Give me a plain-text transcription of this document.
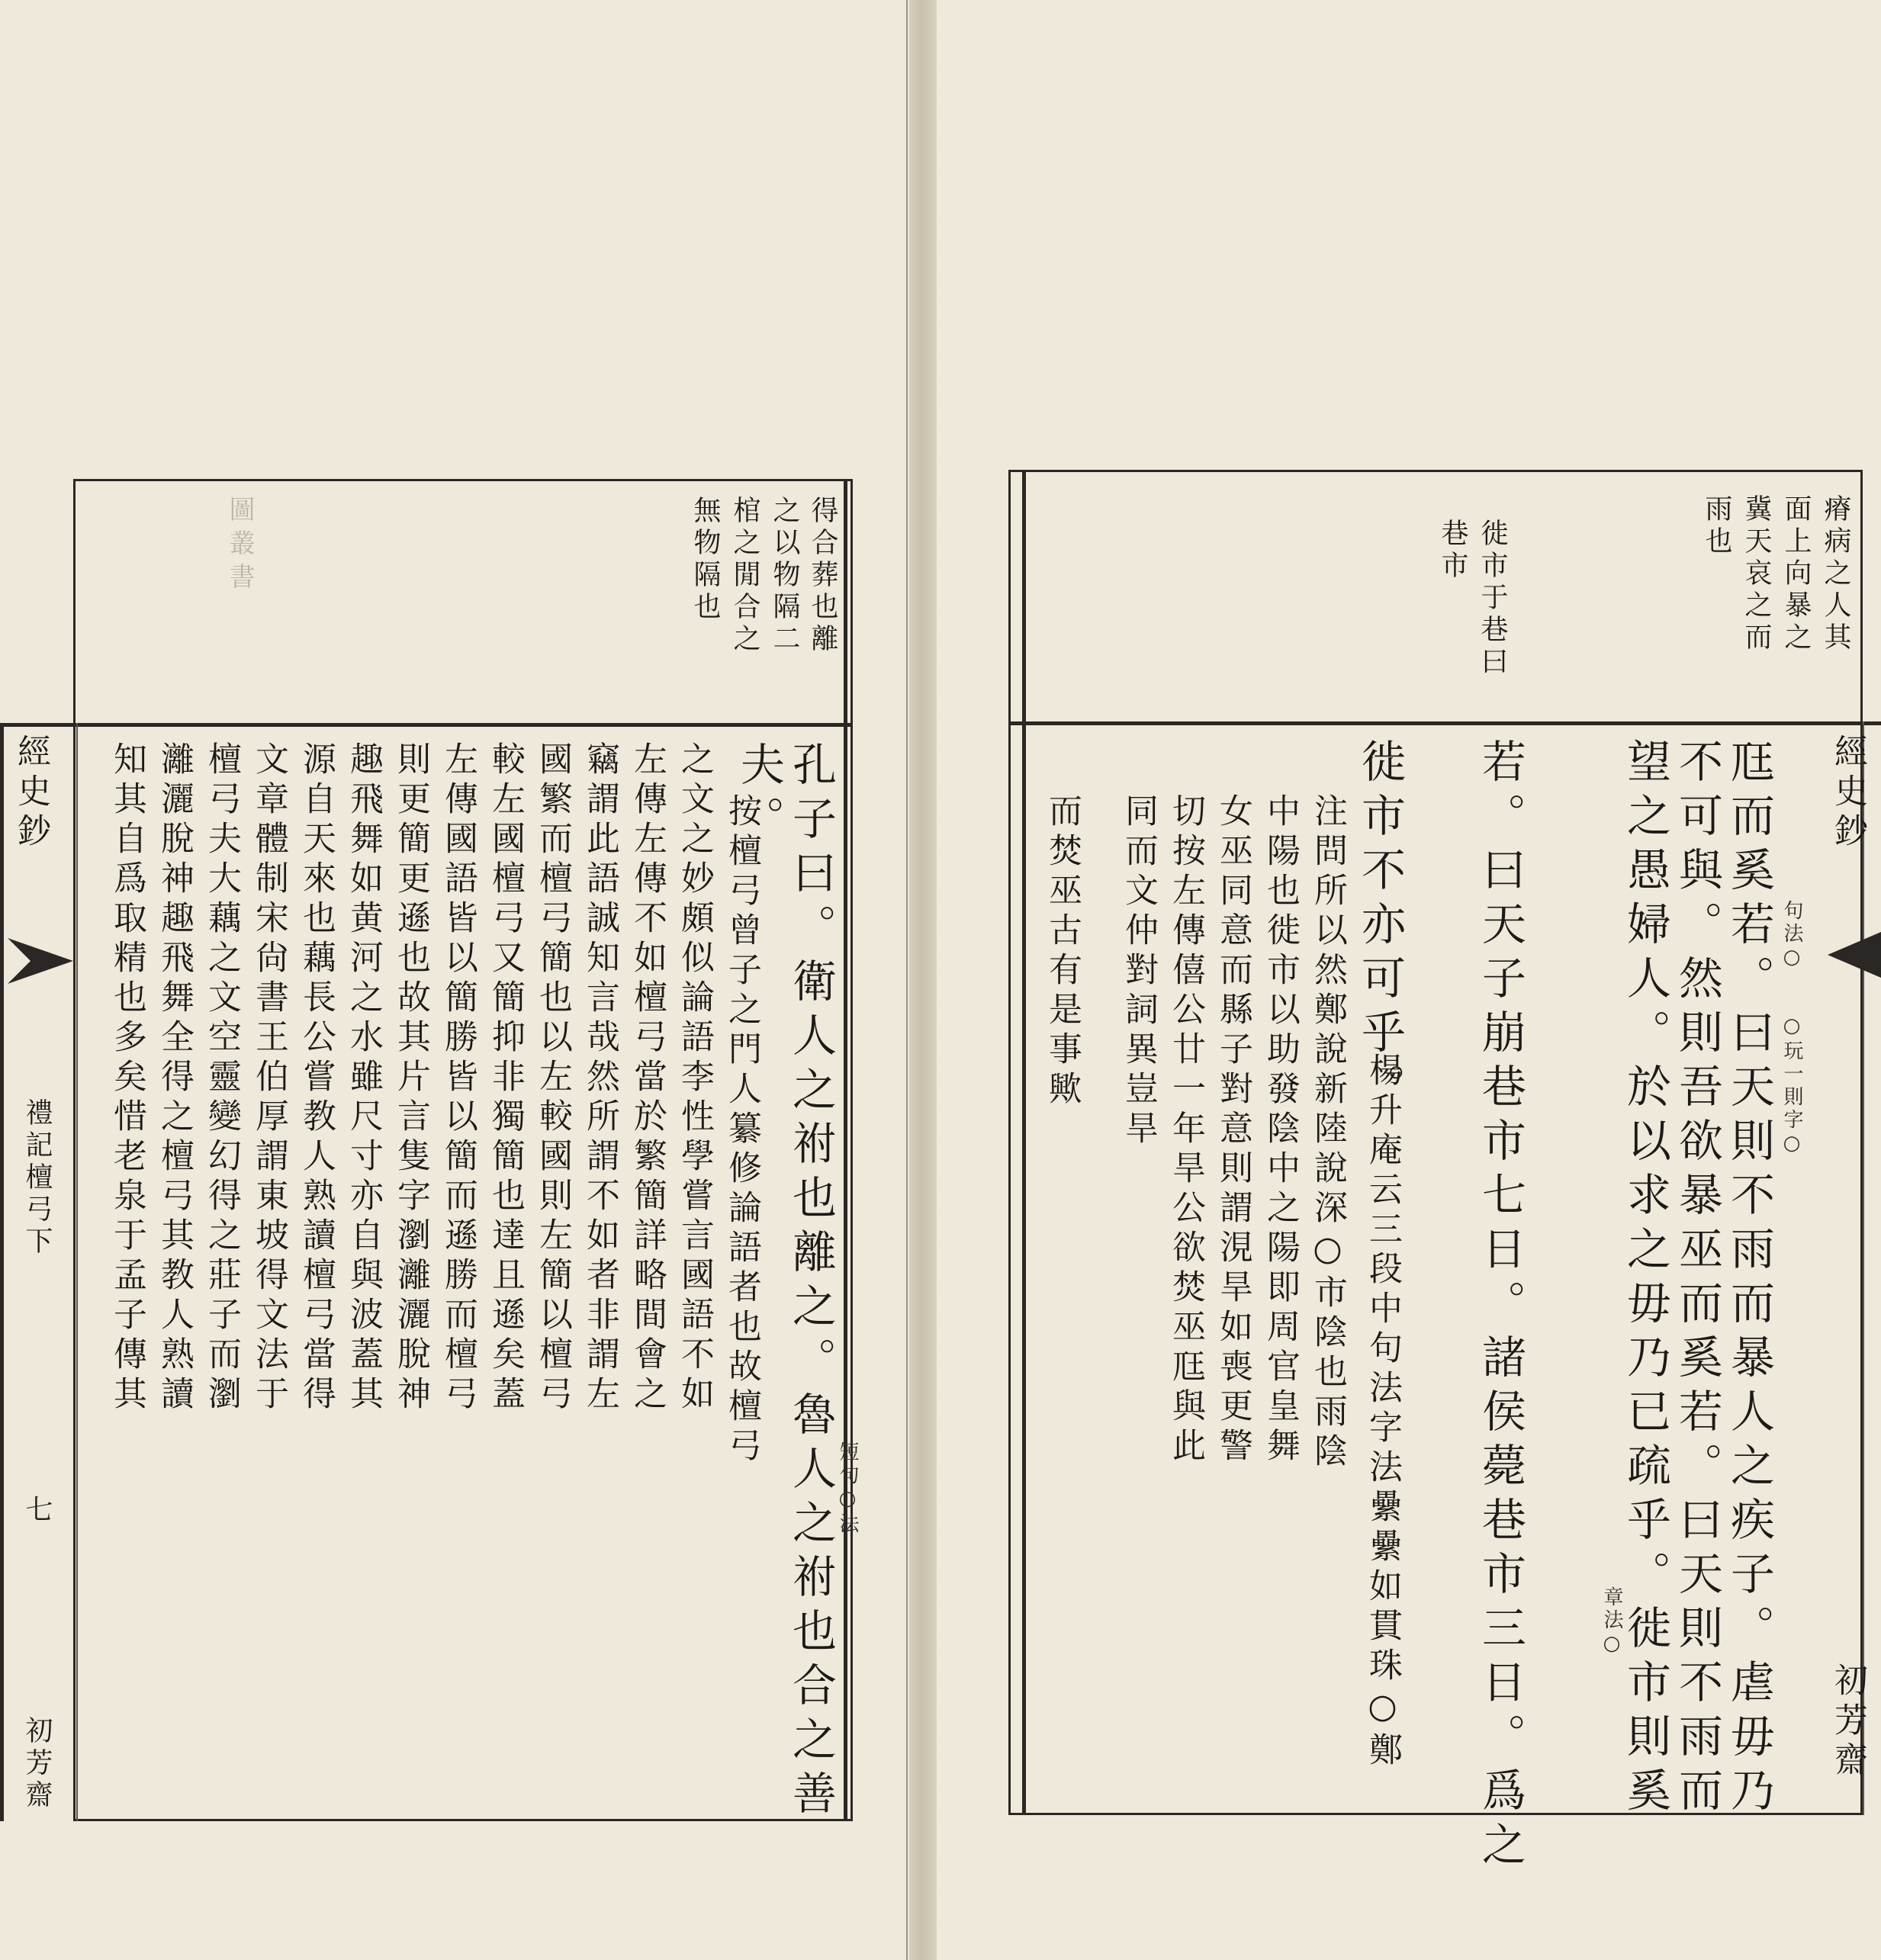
圖叢書	得合葬也離
之以物隔二
棺之閒合之
無物隔也
孔子曰。衛人之祔也離之。魯人之祔也合之善
夫。
短句○法
按檀弓曾子之門人纂修論語者也故檀弓
之文之妙頗似論語李性學嘗言國語不如
左傳左傳不如檀弓當於繁簡詳略間會之
竊謂此語誠知言哉然所謂不如者非謂左
國繁而檀弓簡也以左較國則左簡以檀弓
較左國檀弓又簡抑非獨簡也達且遜矣蓋
左傳國語皆以簡勝皆以簡而遜勝而檀弓
則更簡更遜也故其片言隻字瀏灕灑脫神
趣飛舞如黄河之水雖尺寸亦自與波蓋其
源自天來也藕長公嘗教人熟讀檀弓當得
文章體制宋尙書王伯厚謂東坡得文法于
檀弓夫大藕之文空靈變幻得之莊子而瀏
灕灑脫神趣飛舞全得之檀弓其教人熟讀
知其自爲取精也多矣惜老泉于孟子傳其
經史鈔
禮記檀弓下
七
初芳齋
瘠病之人其
面上向暴之
冀天哀之而
雨也
徙市于巷曰
巷市
尫而奚若。曰天則不雨而暴人之疾子。虐毋乃
不可與。然則吾欲暴巫而奚若。曰天則不雨而
望之愚婦人。於以求之毋乃已疏乎。徙市則奚
若。曰天子崩巷市七日。諸侯薨巷市三日。爲之
徙市不亦可乎。	句法○
○玩一則字○
章法○
楊升庵云三段中句法字法纍纍如貫珠○鄭
注問所以然鄭說新陸說深○市陰也雨陰
中陽也徙市以助發陰中之陽即周官皇舞
女巫同意而縣子對意則謂涀旱如喪更警
切按左傳僖公廿一年旱公欲焚巫尫與此
同而文仲對詞異豈旱
而焚巫古有是事歟	經史鈔
初芳齋
